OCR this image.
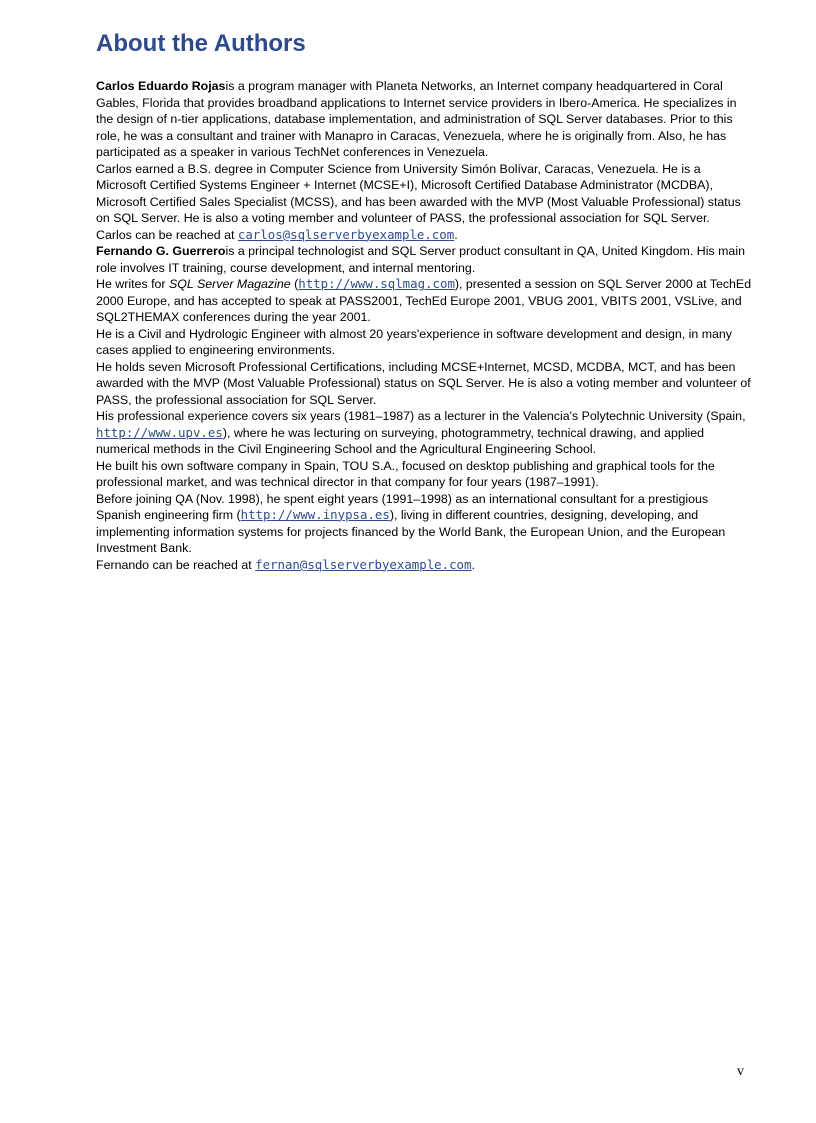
About the Authors

Carlos Eduardo Rojasis a program manager with Planeta Networks, an Internet company headquartered in Coral Gables, Florida that provides broadband applications to Internet service providers in Ibero-America. He specializes in the design of n-tier applications, database implementation, and administration of SQL Server databases. Prior to this role, he was a consultant and trainer with Manapro in Caracas, Venezuela, where he is originally from. Also, he has participated as a speaker in various TechNet conferences in Venezuela.

Carlos earned a B.S. degree in Computer Science from University Simón Bolívar, Caracas, Venezuela. He is a Microsoft Certified Systems Engineer + Internet (MCSE+I), Microsoft Certified Database Administrator (MCDBA), Microsoft Certified Sales Specialist (MCSS), and has been awarded with the MVP (Most Valuable Professional) status on SQL Server. He is also a voting member and volunteer of PASS, the professional association for SQL Server.

Carlos can be reached at carlos@sqlserverbyexample.com.

Fernando G. Guerrerois a principal technologist and SQL Server product consultant in QA, United Kingdom. His main role involves IT training, course development, and internal mentoring.

He writes for SQL Server Magazine (http://www.sqlmag.com), presented a session on SQL Server 2000 at TechEd 2000 Europe, and has accepted to speak at PASS2001, TechEd Europe 2001, VBUG 2001, VBITS 2001, VSLive, and SQL2THEMAX conferences during the year 2001.

He is a Civil and Hydrologic Engineer with almost 20 years'experience in software development and design, in many cases applied to engineering environments.

He holds seven Microsoft Professional Certifications, including MCSE+Internet, MCSD, MCDBA, MCT, and has been awarded with the MVP (Most Valuable Professional) status on SQL Server. He is also a voting member and volunteer of PASS, the professional association for SQL Server.

His professional experience covers six years (1981–1987) as a lecturer in the Valencia's Polytechnic University (Spain, http://www.upv.es), where he was lecturing on surveying, photogrammetry, technical drawing, and applied numerical methods in the Civil Engineering School and the Agricultural Engineering School.

He built his own software company in Spain, TOU S.A., focused on desktop publishing and graphical tools for the professional market, and was technical director in that company for four years (1987–1991).

Before joining QA (Nov. 1998), he spent eight years (1991–1998) as an international consultant for a prestigious Spanish engineering firm (http://www.inypsa.es), living in different countries, designing, developing, and implementing information systems for projects financed by the World Bank, the European Union, and the European Investment Bank.

Fernando can be reached at fernan@sqlserverbyexample.com.

v
